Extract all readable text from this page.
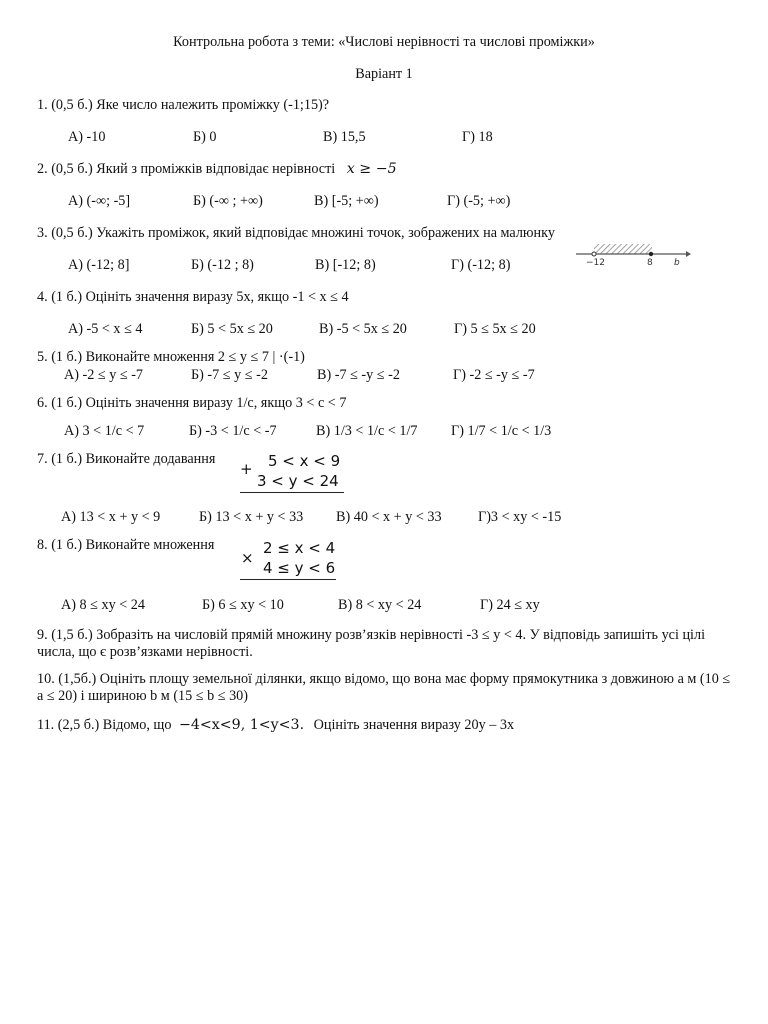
Контрольна робота з теми: «Числові нерівності та числові проміжки»
Варіант 1
1. (0,5 б.) Яке число належить проміжку (-1;15)?
А) -10	Б) 0	В) 15,5	Г) 18
2. (0,5 б.) Який з проміжків відповідає нерівності x ≥ −5
А) (-∞; -5]	Б) (-∞ ; +∞)	В) [-5; +∞)	Г) (-5; +∞)
3. (0,5 б.) Укажіть проміжок, який відповідає множині точок, зображених на малюнку
А) (-12; 8]	Б) (-12 ; 8)	В) [-12; 8)	Г) (-12; 8)	−12	8 b
4. (1 б.) Оцініть значення виразу 5х, якщо -1 < x ≤ 4
А) -5 < x ≤ 4	Б) 5 < 5x ≤ 20	В) -5 < 5x ≤ 20	Г) 5 ≤ 5x ≤ 20
5. (1 б.) Виконайте множення 2 ≤ y ≤ 7 | ·(-1)
А) -2 ≤ y ≤ -7	Б) -7 ≤ y ≤ -2	В) -7 ≤ -y ≤ -2	Г) -2 ≤ -y ≤ -7
6. (1 б.) Оцініть значення виразу 1/c, якщо 3 < c < 7
А) 3 < 1/c < 7	Б) -3 < 1/c < -7	В) 1/3 < 1/c < 1/7 Г) 1/7 < 1/c < 1/3
7. (1 б.) Виконайте додавання
+ 5 < x < 9
3 < y < 24
А) 13 < x + y < 9	Б) 13 < x + y < 33 В) 40 < x + y < 33	Г)3 < xy < -15
8. (1 б.) Виконайте множення
×
2 ≤ x < 4
4 ≤ y < 6
А) 8 ≤ xy < 24	Б) 6 ≤ xy < 10	В) 8 < xy < 24	Г) 24 ≤ xy
9. (1,5 б.) Зобразіть на числовій прямій множину розв’язків нерівності -3 ≤ y < 4. У відповідь запишіть усі цілі числа, що є розв’язками нерівності.
10. (1,5б.) Оцініть площу земельної ділянки, якщо відомо, що вона має форму прямокутника з довжиною a м (10 ≤ a ≤ 20) і шириною b м (15 ≤ b ≤ 30)
11. (2,5 б.) Відомо, що −4<x<9, 1<y<3. Оцініть значення виразу 20y – 3x
